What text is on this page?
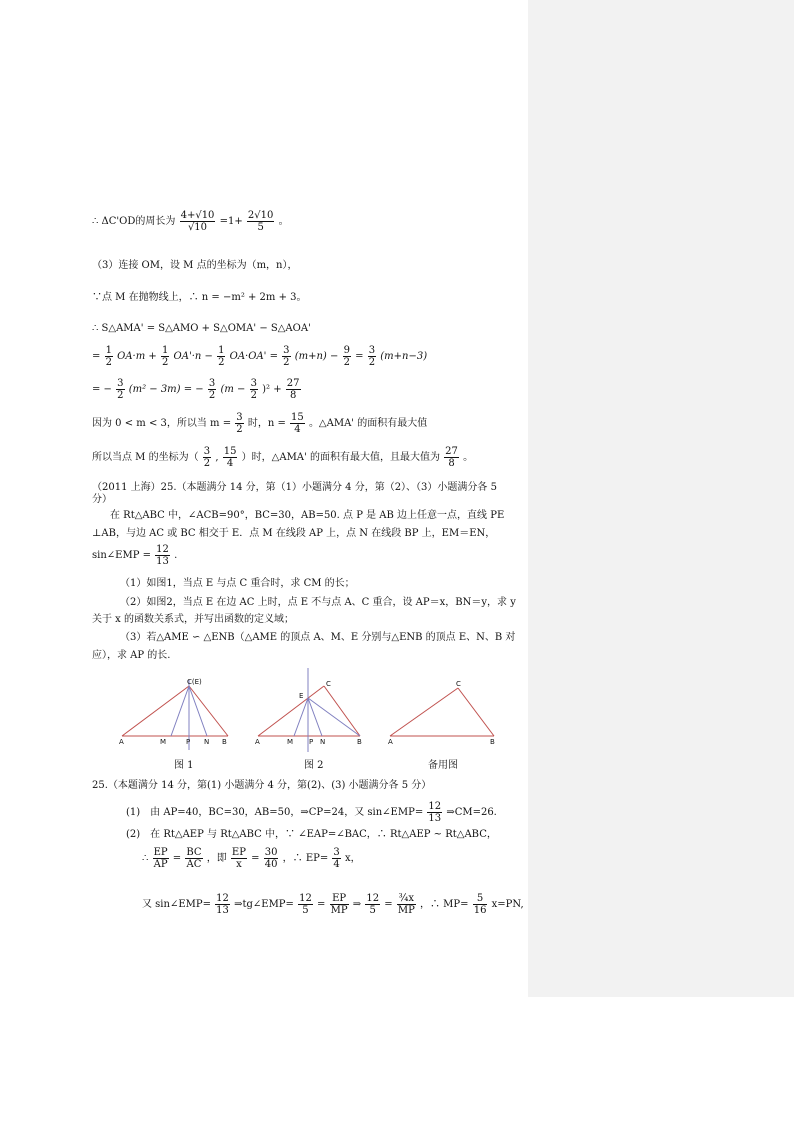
∴ ΔC'OD的周长为 $\frac{4+√10}{√10} =1+ \frac{2√10}{5}$ 。
（3）连接 OM，设 M 点的坐标为（m，n），
∵点 M 在抛物线上，∴ n = −m² + 2m + 3。
∴ S△AMA' = S△AMO + S△OMA' − S△AOA'
= $\frac{1}{2} OA\cdot m + \frac{1}{2} OA'\cdot n - \frac{1}{2} OA\cdot OA' = \frac{3}{2} (m+n) - \frac{9}{2} = \frac{3}{2} (m+n-3)$
= − $\frac{3}{2} (m^2 - 3m)$ = − $\frac{3}{2} (m - \frac{3}{2} )^2 + \frac{27}{8}$
因为 0 < m < 3，所以当 $m = \frac{3}{2}$ 时，$n = \frac{15}{4}$ 。△AMA' 的面积有最大值
所以当点 M 的坐标为（ $\frac{3}{2}$ , $\frac{15}{4}$ ）时，△AMA' 的面积有最大值，且最大值为 $\frac{27}{8}$ 。
（2011 上海）25.（本题满分 14 分，第（1）小题满分 4 分，第（2）、（3）小题满分各 5
分）
在 Rt△ABC 中，∠ACB=90°，BC=30，AB=50. 点 P 是 AB 边上任意一点，直线 PE
⊥AB，与边 AC 或 BC 相交于 E．点 M 在线段 AP 上，点 N 在线段 BP 上，EM＝EN，
sin∠EMP = $\frac{12}{13}$ .
（1）如图1，当点 E 与点 C 重合时，求 CM 的长；
（2）如图2，当点 E 在边 AC 上时，点 E 不与点 A、C 重合，设 AP＝x，BN＝y，求 y
关于 x 的函数关系式，并写出函数的定义域；
（3）若△AME ∽ △ENB（△AME 的顶点 A、M、E 分别与△ENB 的顶点 E、N、B 对
应），求 AP 的长.
C(E)
A	M	P N B
图 1
E
C
A	M P N	B
图 2
C
A	B
备用图
25.（本题满分 14 分，第(1) 小题满分 4 分，第(2)、(3) 小题满分各 5 分）
(1)　由 AP=40，BC=30，AB=50，⇒CP=24，又 sin∠EMP= $\frac{12}{13}$ ⇒CM=26.
(2)　在 Rt△AEP 与 Rt△ABC 中，∵ ∠EAP=∠BAC，∴ Rt△AEP ~ Rt△ABC，
∴ $\frac{EP}{AP} = \frac{BC}{AC}$ ，即 $\frac{EP}{x} = \frac{30}{40}$ ，∴ $EP= \frac{3}{4}$ x，
又 sin∠EMP= $\frac{12}{13}$ ⇒tg∠EMP= $\frac{12}{5} = \frac{EP}{MP}$ ⇒ $\frac{12}{5} = \frac{\text{¾x}}{MP}$ ，∴ $MP= \frac{5}{16} x=PN$,
